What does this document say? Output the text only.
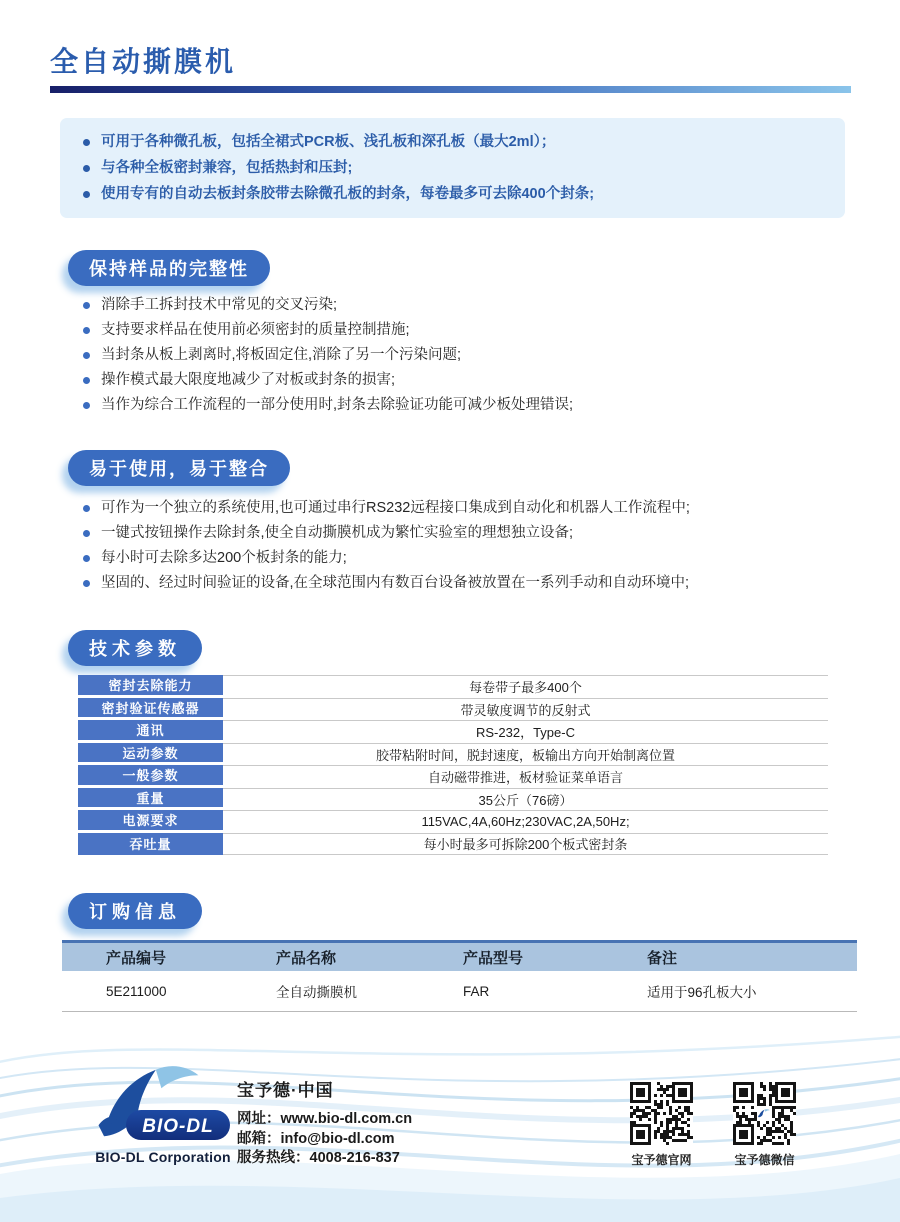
全自动撕膜机
可用于各种微孔板，包括全裙式PCR板、浅孔板和深孔板（最大2ml）；
与各种全板密封兼容，包括热封和压封;
使用专有的自动去板封条胶带去除微孔板的封条，每卷最多可去除400个封条;
保持样品的完整性
消除手工拆封技术中常见的交叉污染;
支持要求样品在使用前必须密封的质量控制措施;
当封条从板上剥离时,将板固定住,消除了另一个污染问题;
操作模式最大限度地减少了对板或封条的损害;
当作为综合工作流程的一部分使用时,封条去除验证功能可减少板处理错误;
易于使用，易于整合
可作为一个独立的系统使用,也可通过串行RS232远程接口集成到自动化和机器人工作流程中;
一键式按钮操作去除封条,使全自动撕膜机成为繁忙实验室的理想独立设备;
每小时可去除多达200个板封条的能力;
坚固的、经过时间验证的设备,在全球范围内有数百台设备被放置在一系列手动和自动环境中;
技术参数
密封去除能力	每卷带子最多400个
密封验证传感器	带灵敏度调节的反射式
通讯	RS-232，Type-C
运动参数	胶带粘附时间，脱封速度，板输出方向开始制离位置
一般参数	自动磁带推进，板材验证菜单语言
重量	35公斤（76磅）
电源要求	115VAC,4A,60Hz;230VAC,2A,50Hz;
吞吐量	每小时最多可拆除200个板式密封条
订购信息
产品编号	产品名称	产品型号	备注
5E211000	全自动撕膜机	FAR	适用于96孔板大小
BIO-DL
BIO-DL Corporation
宝予德·中国
网址：www.bio-dl.com.cn
邮箱：info@bio-dl.com
服务热线：4008-216-837	宝予德官网	宝予德微信
